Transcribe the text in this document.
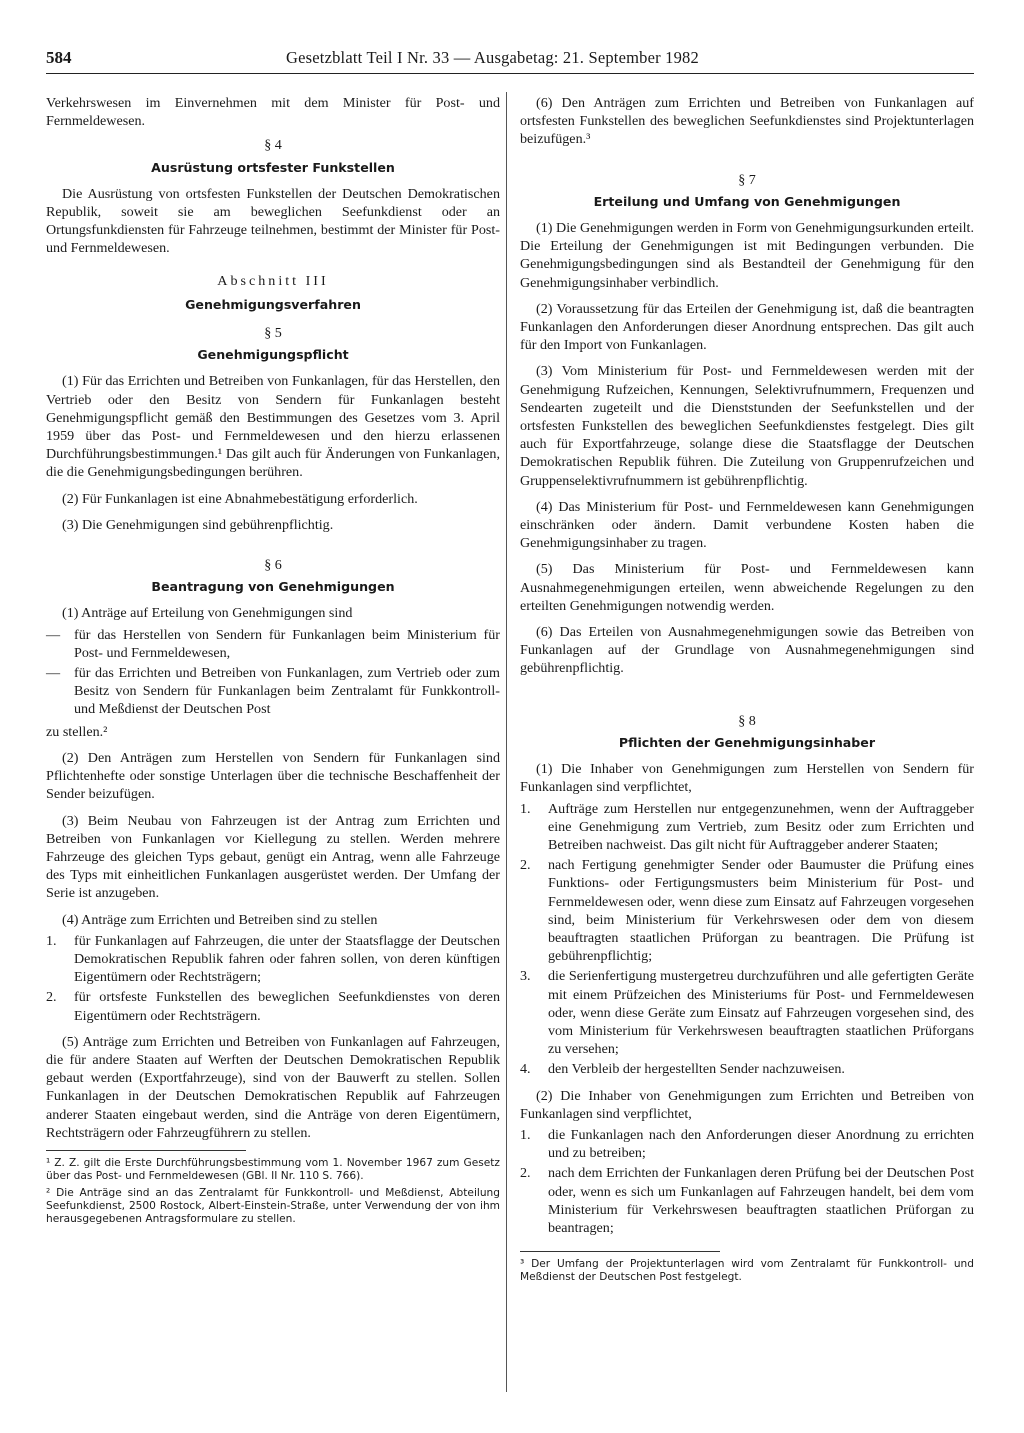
584	Gesetzblatt Teil I Nr. 33 — Ausgabetag: 21. September 1982

Verkehrswesen im Einvernehmen mit dem Minister für Post- und Fernmeldewesen.

§ 4
Ausrüstung ortsfester Funkstellen

Die Ausrüstung von ortsfesten Funkstellen der Deutschen Demokratischen Republik, soweit sie am beweglichen Seefunkdienst oder an Ortungsfunkdiensten für Fahrzeuge teilnehmen, bestimmt der Minister für Post- und Fernmeldewesen.

Abschnitt III
Genehmigungsverfahren
§ 5
Genehmigungspflicht

(1) Für das Errichten und Betreiben von Funkanlagen, für das Herstellen, den Vertrieb oder den Besitz von Sendern für Funkanlagen besteht Genehmigungspflicht gemäß den Bestimmungen des Gesetzes vom 3. April 1959 über das Post- und Fernmeldewesen und den hierzu erlassenen Durchführungsbestimmungen.¹ Das gilt auch für Änderungen von Funkanlagen, die die Genehmigungsbedingungen berühren.

(2) Für Funkanlagen ist eine Abnahmebestätigung erforderlich.

(3) Die Genehmigungen sind gebührenpflichtig.

§ 6
Beantragung von Genehmigungen

(1) Anträge auf Erteilung von Genehmigungen sind

— für das Herstellen von Sendern für Funkanlagen beim Ministerium für Post- und Fernmeldewesen,
— für das Errichten und Betreiben von Funkanlagen, zum Vertrieb oder zum Besitz von Sendern für Funkanlagen beim Zentralamt für Funkkontroll- und Meßdienst der Deutschen Post

zu stellen.²

(2) Den Anträgen zum Herstellen von Sendern für Funkanlagen sind Pflichtenhefte oder sonstige Unterlagen über die technische Beschaffenheit der Sender beizufügen.

(3) Beim Neubau von Fahrzeugen ist der Antrag zum Errichten und Betreiben von Funkanlagen vor Kiellegung zu stellen. Werden mehrere Fahrzeuge des gleichen Typs gebaut, genügt ein Antrag, wenn alle Fahrzeuge des Typs mit einheitlichen Funkanlagen ausgerüstet werden. Der Umfang der Serie ist anzugeben.

(4) Anträge zum Errichten und Betreiben sind zu stellen

1.	für Funkanlagen auf Fahrzeugen, die unter der Staatsflagge der Deutschen Demokratischen Republik fahren oder fahren sollen, von deren künftigen Eigentümern oder Rechtsträgern;
2.	für ortsfeste Funkstellen des beweglichen Seefunkdienstes von deren Eigentümern oder Rechtsträgern.

(5) Anträge zum Errichten und Betreiben von Funkanlagen auf Fahrzeugen, die für andere Staaten auf Werften der Deutschen Demokratischen Republik gebaut werden (Exportfahrzeuge), sind von der Bauwerft zu stellen. Sollen Funkanlagen in der Deutschen Demokratischen Republik auf Fahrzeugen anderer Staaten eingebaut werden, sind die Anträge von deren Eigentümern, Rechtsträgern oder Fahrzeugführern zu stellen.

¹ Z. Z. gilt die Erste Durchführungsbestimmung vom 1. November 1967 zum Gesetz über das Post- und Fernmeldewesen (GBl. II Nr. 110 S. 766).

² Die Anträge sind an das Zentralamt für Funkkontroll- und Meßdienst, Abteilung Seefunkdienst, 2500 Rostock, Albert-Einstein-Straße, unter Verwendung der von ihm herausgegebenen Antragsformulare zu stellen.

(6) Den Anträgen zum Errichten und Betreiben von Funkanlagen auf ortsfesten Funkstellen des beweglichen Seefunkdienstes sind Projektunterlagen beizufügen.³

§ 7
Erteilung und Umfang von Genehmigungen

(1) Die Genehmigungen werden in Form von Genehmigungsurkunden erteilt. Die Erteilung der Genehmigungen ist mit Bedingungen verbunden. Die Genehmigungsbedingungen sind als Bestandteil der Genehmigung für den Genehmigungsinhaber verbindlich.

(2) Voraussetzung für das Erteilen der Genehmigung ist, daß die beantragten Funkanlagen den Anforderungen dieser Anordnung entsprechen. Das gilt auch für den Import von Funkanlagen.

(3) Vom Ministerium für Post- und Fernmeldewesen werden mit der Genehmigung Rufzeichen, Kennungen, Selektivrufnummern, Frequenzen und Sendearten zugeteilt und die Dienststunden der Seefunkstellen und der ortsfesten Funkstellen des beweglichen Seefunkdienstes festgelegt. Dies gilt auch für Exportfahrzeuge, solange diese die Staatsflagge der Deutschen Demokratischen Republik führen. Die Zuteilung von Gruppenrufzeichen und Gruppenselektivrufnummern ist gebührenpflichtig.

(4) Das Ministerium für Post- und Fernmeldewesen kann Genehmigungen einschränken oder ändern. Damit verbundene Kosten haben die Genehmigungsinhaber zu tragen.

(5) Das Ministerium für Post- und Fernmeldewesen kann Ausnahmegenehmigungen erteilen, wenn abweichende Regelungen zu den erteilten Genehmigungen notwendig werden.

(6) Das Erteilen von Ausnahmegenehmigungen sowie das Betreiben von Funkanlagen auf der Grundlage von Ausnahmegenehmigungen sind gebührenpflichtig.

§ 8
Pflichten der Genehmigungsinhaber

(1) Die Inhaber von Genehmigungen zum Herstellen von Sendern für Funkanlagen sind verpflichtet,

1.	Aufträge zum Herstellen nur entgegenzunehmen, wenn der Auftraggeber eine Genehmigung zum Vertrieb, zum Besitz oder zum Errichten und Betreiben nachweist. Das gilt nicht für Auftraggeber anderer Staaten;
2.	nach Fertigung genehmigter Sender oder Baumuster die Prüfung eines Funktions- oder Fertigungsmusters beim Ministerium für Post- und Fernmeldewesen oder, wenn diese zum Einsatz auf Fahrzeugen vorgesehen sind, beim Ministerium für Verkehrswesen oder dem von diesem beauftragten staatlichen Prüforgan zu beantragen. Die Prüfung ist gebührenpflichtig;
3.	die Serienfertigung mustergetreu durchzuführen und alle gefertigten Geräte mit einem Prüfzeichen des Ministeriums für Post- und Fernmeldewesen oder, wenn diese Geräte zum Einsatz auf Fahrzeugen vorgesehen sind, des vom Ministerium für Verkehrswesen beauftragten staatlichen Prüforgans zu versehen;
4.	den Verbleib der hergestellten Sender nachzuweisen.

(2) Die Inhaber von Genehmigungen zum Errichten und Betreiben von Funkanlagen sind verpflichtet,

1.	die Funkanlagen nach den Anforderungen dieser Anordnung zu errichten und zu betreiben;
2.	nach dem Errichten der Funkanlagen deren Prüfung bei der Deutschen Post oder, wenn es sich um Funkanlagen auf Fahrzeugen handelt, bei dem vom Ministerium für Verkehrswesen beauftragten staatlichen Prüforgan zu beantragen;

³ Der Umfang der Projektunterlagen wird vom Zentralamt für Funkkontroll- und Meßdienst der Deutschen Post festgelegt.
